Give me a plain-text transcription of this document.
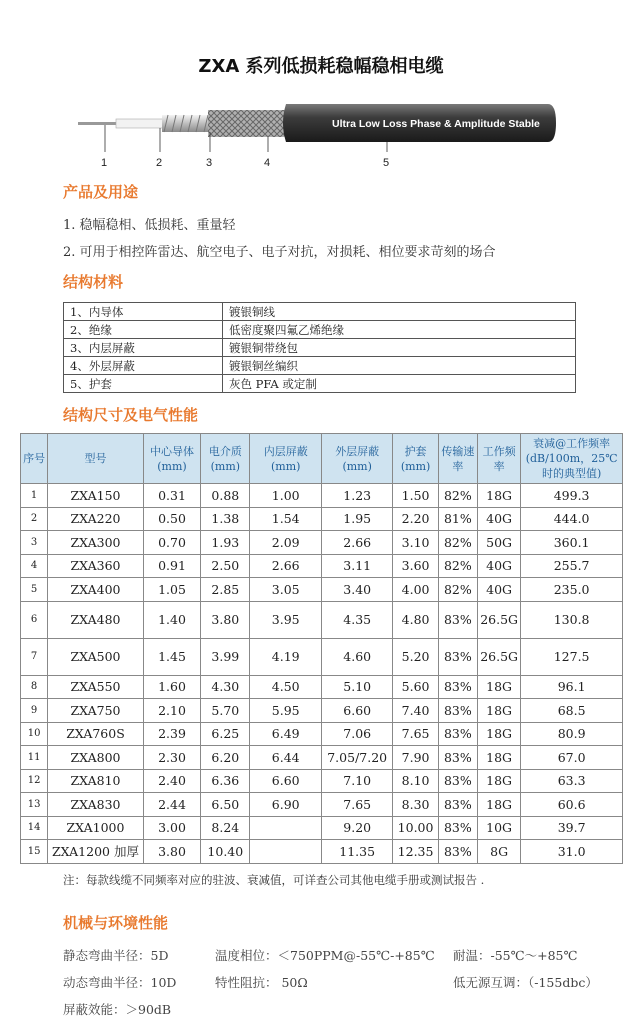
ZXA 系列低损耗稳幅稳相电缆
Ultra Low Loss Phase & Amplitude Stable
1	2	3	4	5
产品及用途
1. 稳幅稳相、低损耗、重量轻
2. 可用于相控阵雷达、航空电子、电子对抗，对损耗、相位要求苛刻的场合
结构材料
1、内导体	镀银铜线
2、绝缘	低密度聚四氟乙烯绝缘
3、内层屏蔽	镀银铜带绕包
4、外层屏蔽	镀银铜丝编织
5、护套	灰色 PFA 或定制
结构尺寸及电气性能
序号	型号	中心导体(mm)	电介质(mm)	内层屏蔽(mm)	外层屏蔽(mm)	护套(mm)	传输速率	工作频率	衰减@工作频率(dB/100m，25℃时的典型值)
1	ZXA150	0.31	0.88	1.00	1.23	1.50	82%	18G	499.3
2	ZXA220	0.50	1.38	1.54	1.95	2.20	81%	40G	444.0
3	ZXA300	0.70	1.93	2.09	2.66	3.10	82%	50G	360.1
4	ZXA360	0.91	2.50	2.66	3.11	3.60	82%	40G	255.7
5	ZXA400	1.05	2.85	3.05	3.40	4.00	82%	40G	235.0
6	ZXA480	1.40	3.80	3.95	4.35	4.80	83%	26.5G	130.8
7	ZXA500	1.45	3.99	4.19	4.60	5.20	83%	26.5G	127.5
8	ZXA550	1.60	4.30	4.50	5.10	5.60	83%	18G	96.1
9	ZXA750	2.10	5.70	5.95	6.60	7.40	83%	18G	68.5
10	ZXA760S	2.39	6.25	6.49	7.06	7.65	83%	18G	80.9
11	ZXA800	2.30	6.20	6.44	7.05/7.20	7.90	83%	18G	67.0
12	ZXA810	2.40	6.36	6.60	7.10	8.10	83%	18G	63.3
13	ZXA830	2.44	6.50	6.90	7.65	8.30	83%	18G	60.6
14	ZXA1000	3.00	8.24		9.20	10.00	83%	10G	39.7
15	ZXA1200 加厚	3.80	10.40		11.35	12.35	83%	8G	31.0
注：每款线缆不同频率对应的驻波、衰减值，可详查公司其他电缆手册或测试报告 .
机械与环境性能
静态弯曲半径：5D	温度相位：＜750PPM@-55℃-+85℃ 耐温：-55℃～+85℃
动态弯曲半径：10D	特性阻抗： 50Ω	低无源互调：（-155dbc）
屏蔽效能：＞90dB
